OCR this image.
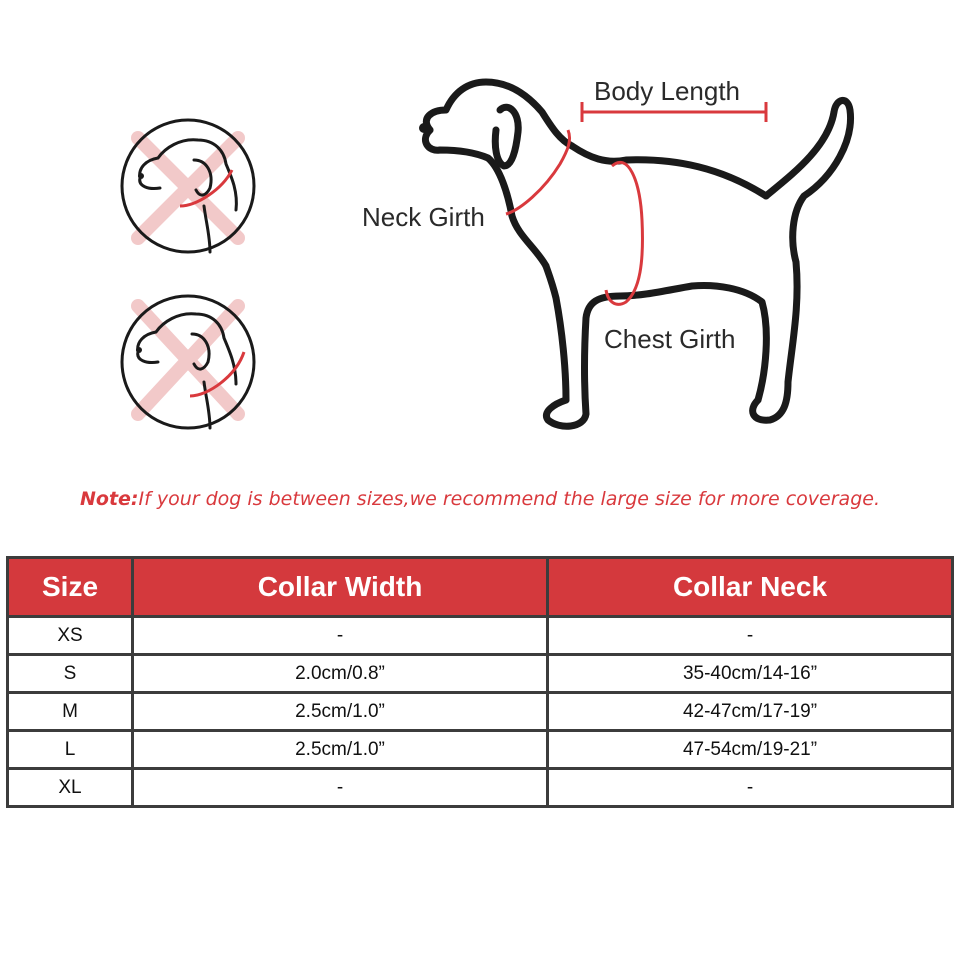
Body Length
Neck Girth
Chest Girth
Note:If your dog is between sizes,we recommend the large size for more coverage.
Size	Collar Width	Collar Neck
XS	-	-
S	2.0cm/0.8”	35-40cm/14-16”
M	2.5cm/1.0”	42-47cm/17-19”
L	2.5cm/1.0”	47-54cm/19-21”
XL	-	-
